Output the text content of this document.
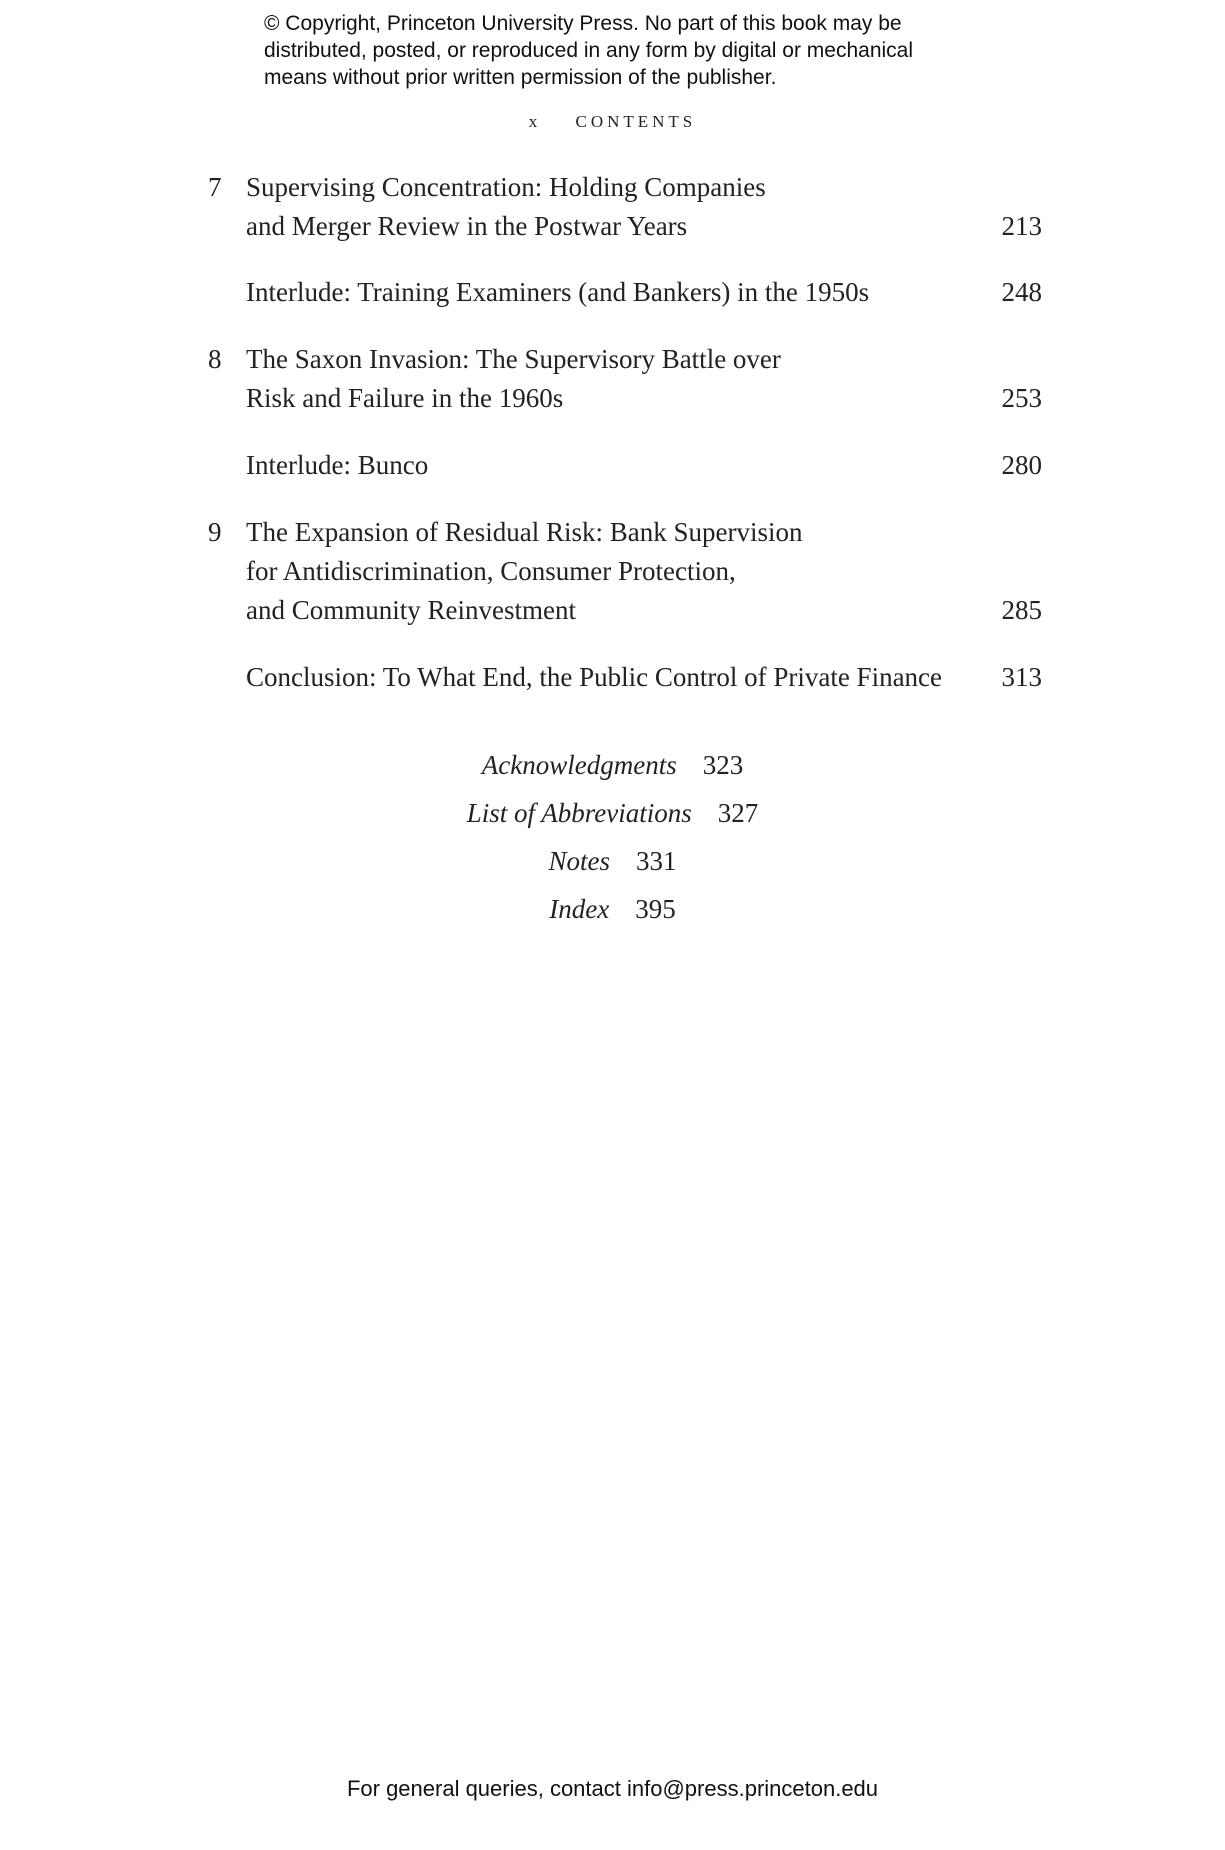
© Copyright, Princeton University Press. No part of this book may be
distributed, posted, or reproduced in any form by digital or mechanical
means without prior written permission of the publisher.
x CONTENTS
7 Supervising Concentration: Holding Companies
and Merger Review in the Postwar Years	213
Interlude: Training Examiners (and Bankers) in the 1950s	248
8 The Saxon Invasion: The Supervisory Battle over
Risk and Failure in the 1960s	253
Interlude: Bunco	280
9 The Expansion of Residual Risk: Bank Supervision
for Antidiscrimination, Consumer Protection,
and Community Reinvestment	285
Conclusion: To What End, the Public Control of Private Finance 313
Acknowledgments 323
List of Abbreviations 327
Notes 331
Index 395
For general queries, contact info@press.princeton.edu
